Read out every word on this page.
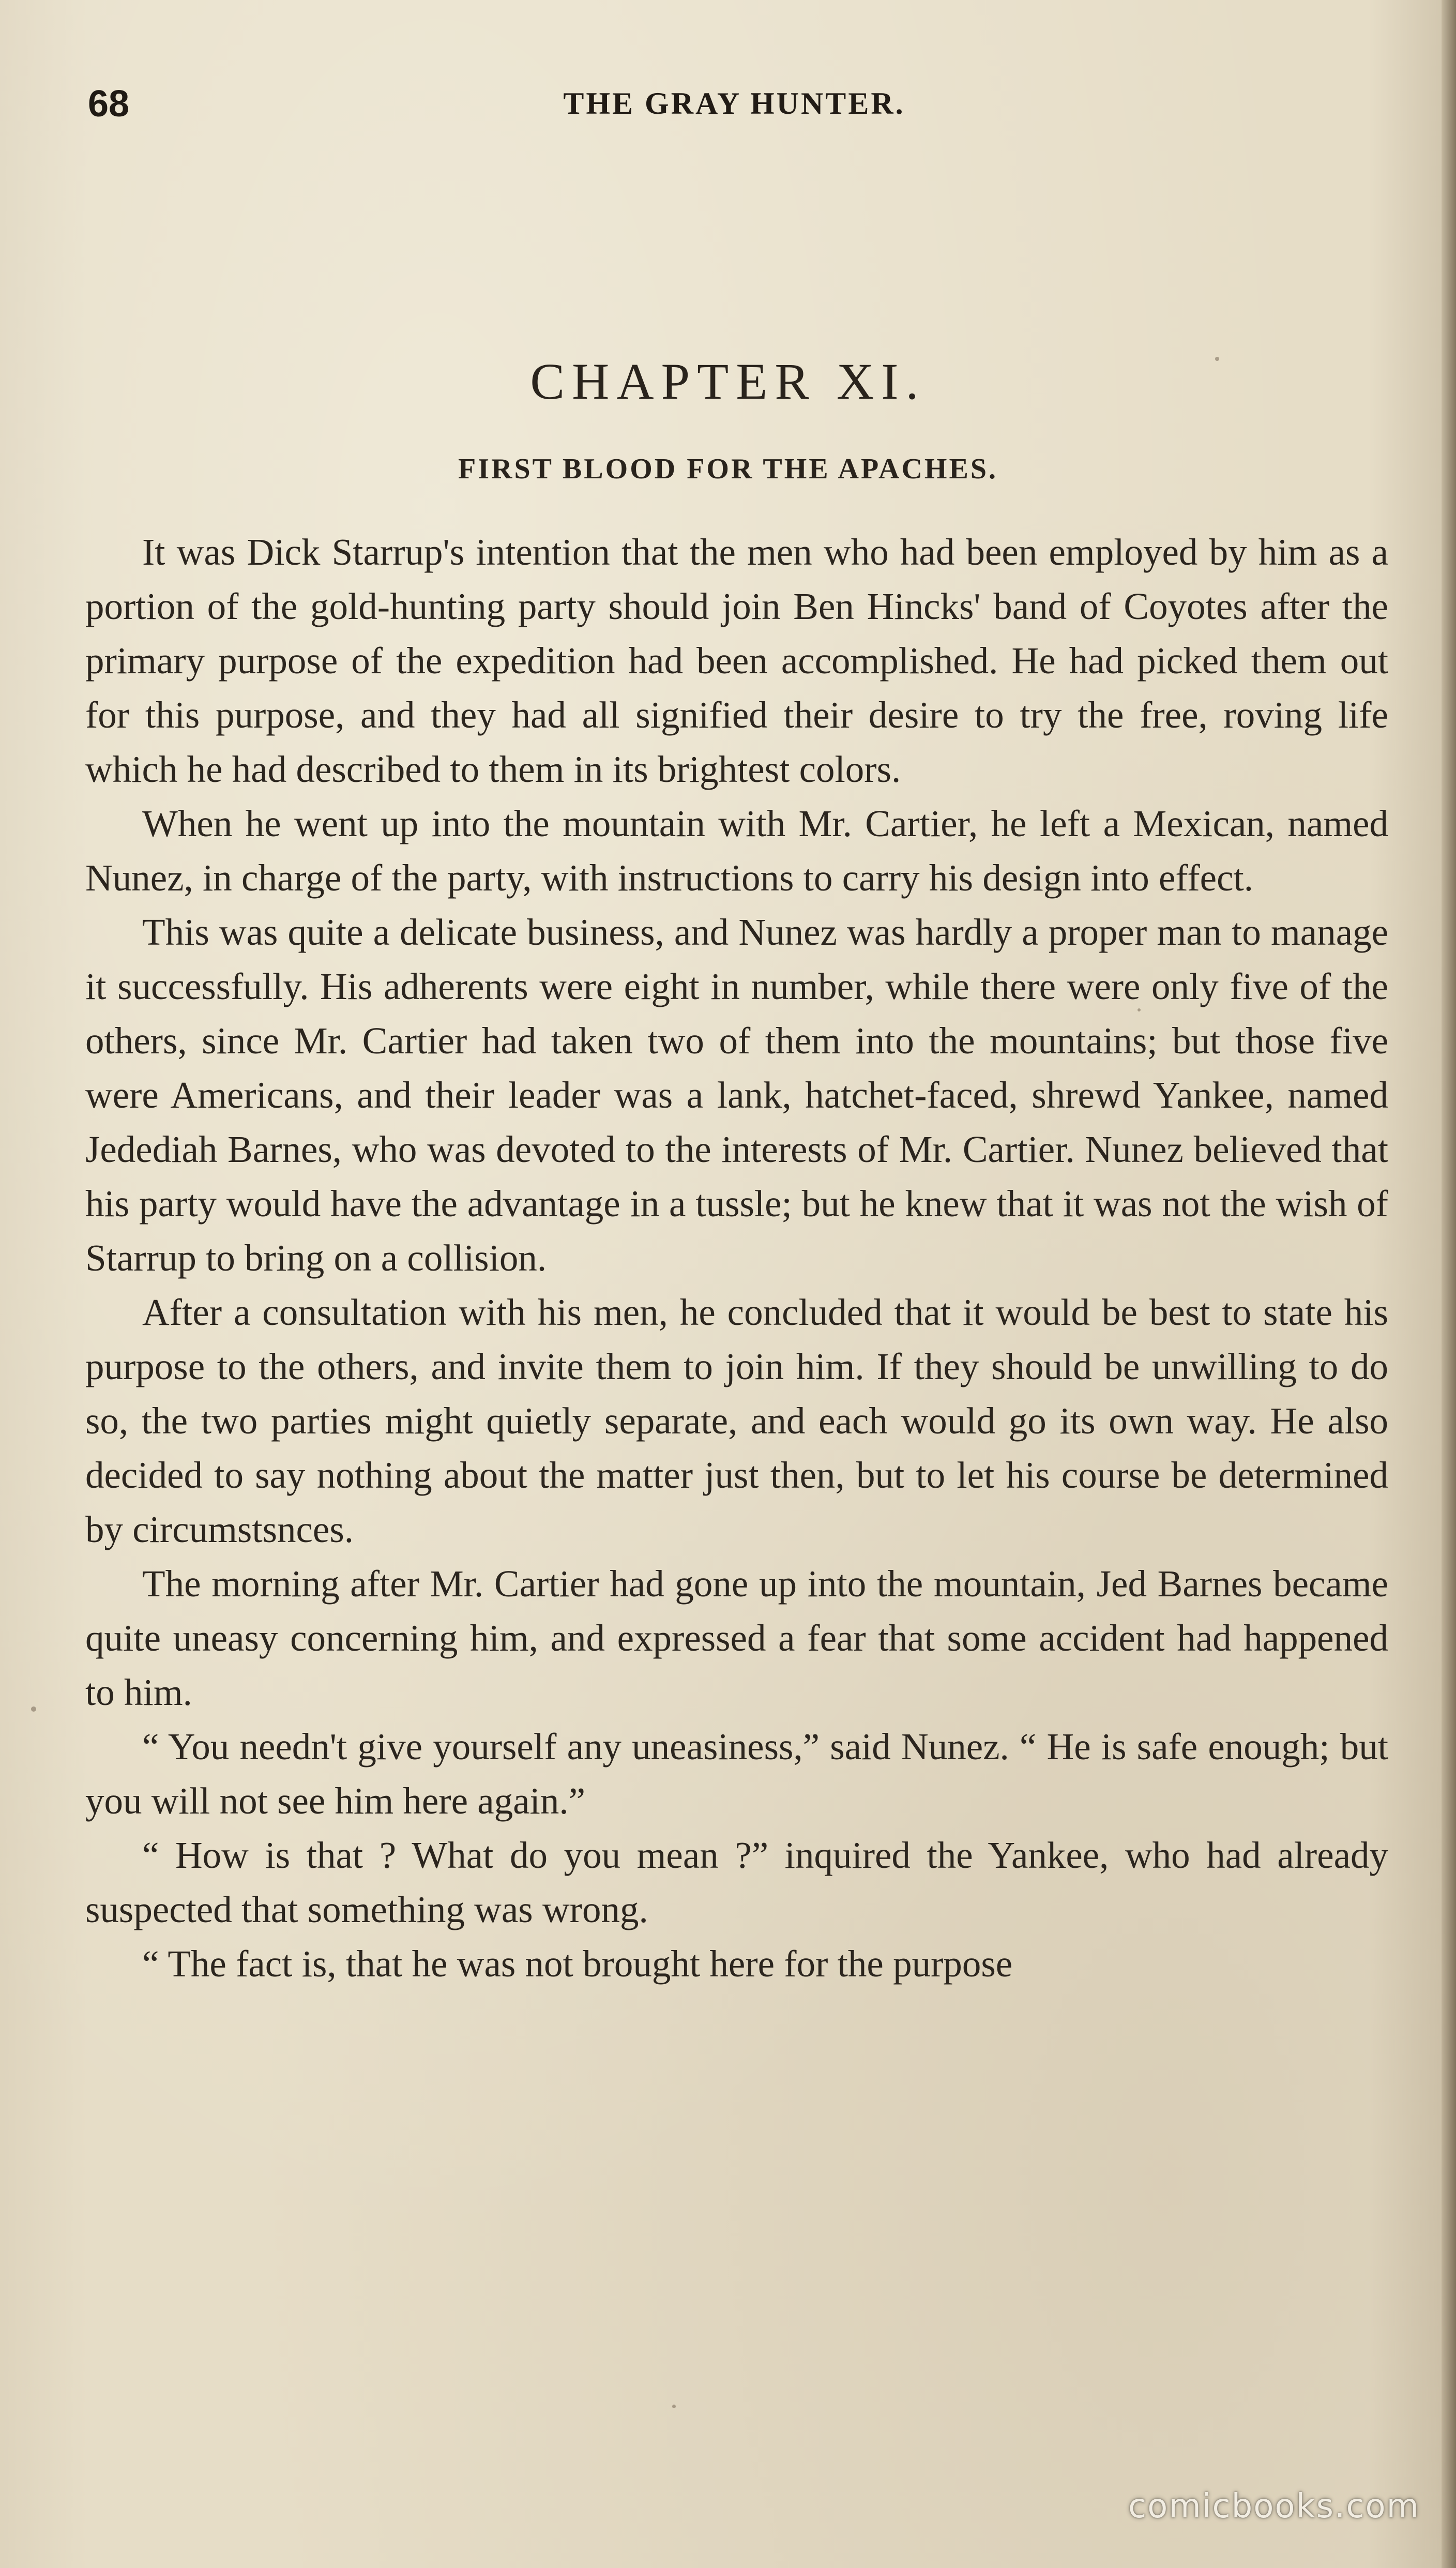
68	THE GRAY HUNTER.
CHAPTER XI.
FIRST BLOOD FOR THE APACHES.

It was Dick Starrup's intention that the men who had been employed by him as a portion of the gold-hunting party should join Ben Hincks' band of Coyotes after the primary purpose of the expedition had been accomplished. He had picked them out for this purpose, and they had all signified their desire to try the free, roving life which he had described to them in its brightest colors.

When he went up into the mountain with Mr. Cartier, he left a Mexican, named Nunez, in charge of the party, with instructions to carry his design into effect.

This was quite a delicate business, and Nunez was hardly a proper man to manage it successfully. His adherents were eight in number, while there were only five of the others, since Mr. Cartier had taken two of them into the mountains; but those five were Americans, and their leader was a lank, hatchet-faced, shrewd Yankee, named Jedediah Barnes, who was devoted to the interests of Mr. Cartier. Nunez believed that his party would have the advantage in a tussle; but he knew that it was not the wish of Starrup to bring on a collision.

After a consultation with his men, he concluded that it would be best to state his purpose to the others, and invite them to join him. If they should be unwilling to do so, the two parties might quietly separate, and each would go its own way. He also decided to say nothing about the matter just then, but to let his course be determined by circumstsnces.

The morning after Mr. Cartier had gone up into the mountain, Jed Barnes became quite uneasy concerning him, and expressed a fear that some accident had happened to him.

“ You needn't give yourself any uneasiness,” said Nunez. “ He is safe enough; but you will not see him here again.”

“ How is that ? What do you mean ?” inquired the Yankee, who had already suspected that something was wrong.

“ The fact is, that he was not brought here for the purpose

comicbooks.com
